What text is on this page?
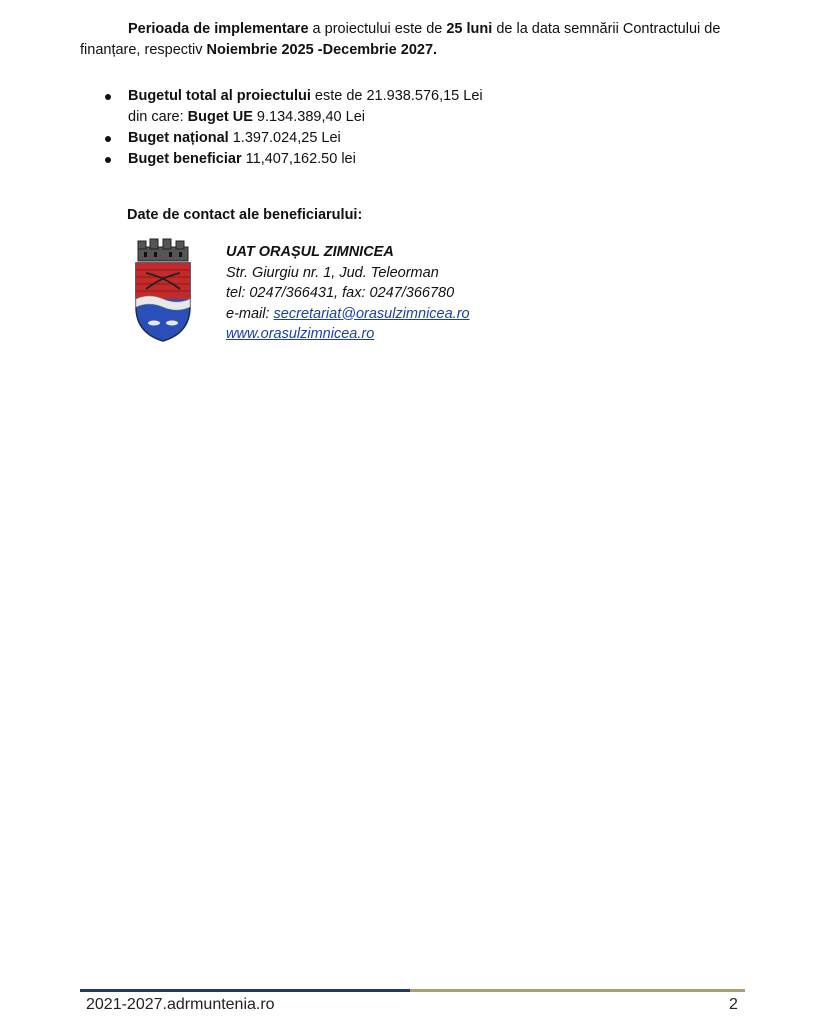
Perioada de implementare a proiectului este de 25 luni de la data semnării Contractului de finanțare, respectiv Noiembrie 2025 -Decembrie 2027.

Bugetul total al proiectului este de 21.938.576,15 Lei
din care: Buget UE 9.134.389,40 Lei
Buget național 1.397.024,25 Lei
Buget beneficiar 11,407,162.50 lei
Date de contact ale beneficiarului:
UAT ORAȘUL ZIMNICEA
Str. Giurgiu nr. 1, Jud. Teleorman
tel: 0247/366431, fax: 0247/366780
e-mail: secretariat@orasulzimnicea.ro
www.orasulzimnicea.ro
2021-2027.adrmuntenia.ro	2
